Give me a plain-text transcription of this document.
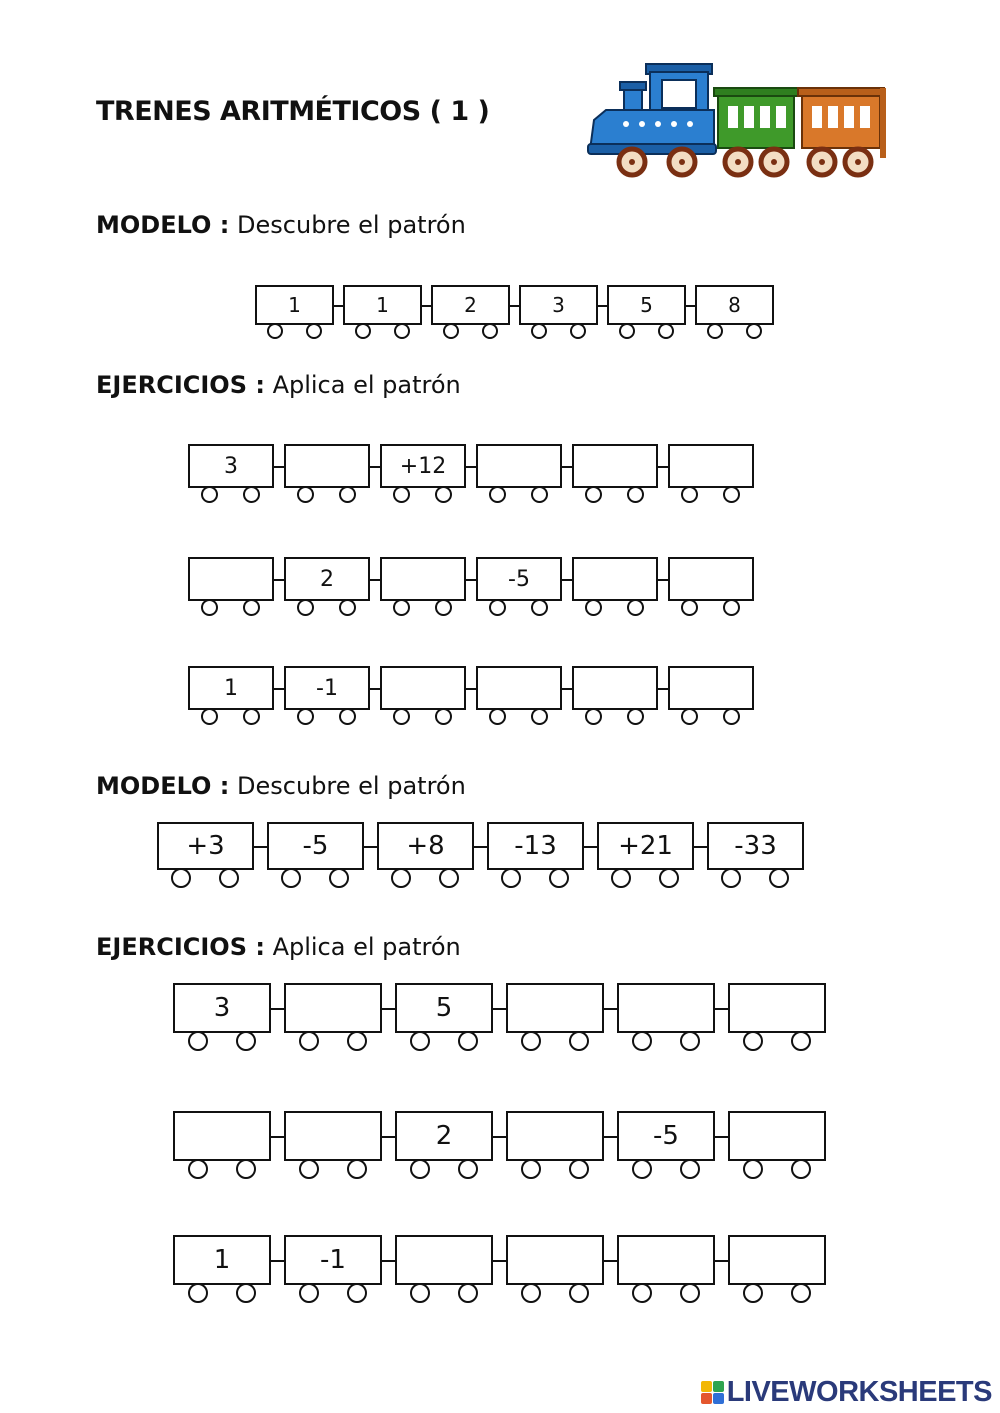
TRENES ARITMÉTICOS ( 1 )
MODELO : Descubre el patrón
EJERCICIOS : Aplica el patrón
MODELO : Descubre el patrón
EJERCICIOS : Aplica el patrón
1	1	2	3	5	8
3	+12
2	-5
1	-1
+3	-5	+8	-13	+21	-33
3	5
2	-5
1	-1
LIVEWORKSHEETS
